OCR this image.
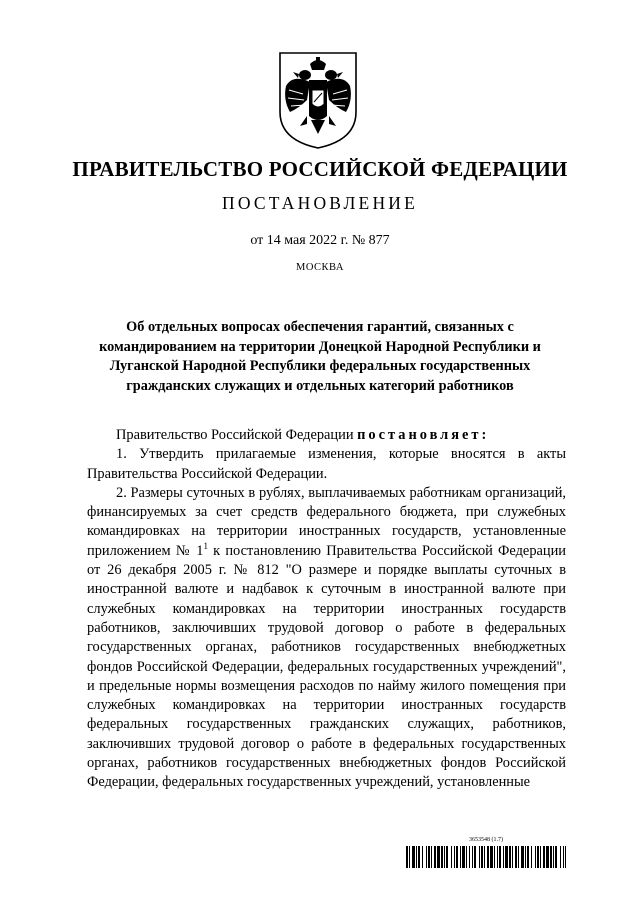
ПРАВИТЕЛЬСТВО РОССИЙСКОЙ ФЕДЕРАЦИИ
ПОСТАНОВЛЕНИЕ
от 14 мая 2022 г. № 877
МОСКВА
Об отдельных вопросах обеспечения гарантий, связанных с
командированием на территории Донецкой Народной Республики и
Луганской Народной Республики федеральных государственных
гражданских служащих и отдельных категорий работников

Правительство Российской Федерации постановляет:

1. Утвердить прилагаемые изменения, которые вносятся в акты Правительства Российской Федерации.

2. Размеры суточных в рублях, выплачиваемых работникам организаций, финансируемых за счет средств федерального бюджета, при служебных командировках на территории иностранных государств, установленные приложением № $1^1$ к постановлению Правительства Российской Федерации от 26 декабря 2005 г. № 812 "О размере и порядке выплаты суточных в иностранной валюте и надбавок к суточным в иностранной валюте при служебных командировках на территории иностранных государств работников, заключивших трудовой договор о работе в федеральных государственных органах, работников государственных внебюджетных фондов Российской Федерации, федеральных государственных учреждений", и предельные нормы возмещения расходов по найму жилого помещения при служебных командировках на территории иностранных государств федеральных государственных гражданских служащих, работников, заключивших трудовой договор о работе в федеральных государственных органах, работников государственных внебюджетных фондов Российской Федерации, федеральных государственных учреждений, установленные

3653548 (1.7)
